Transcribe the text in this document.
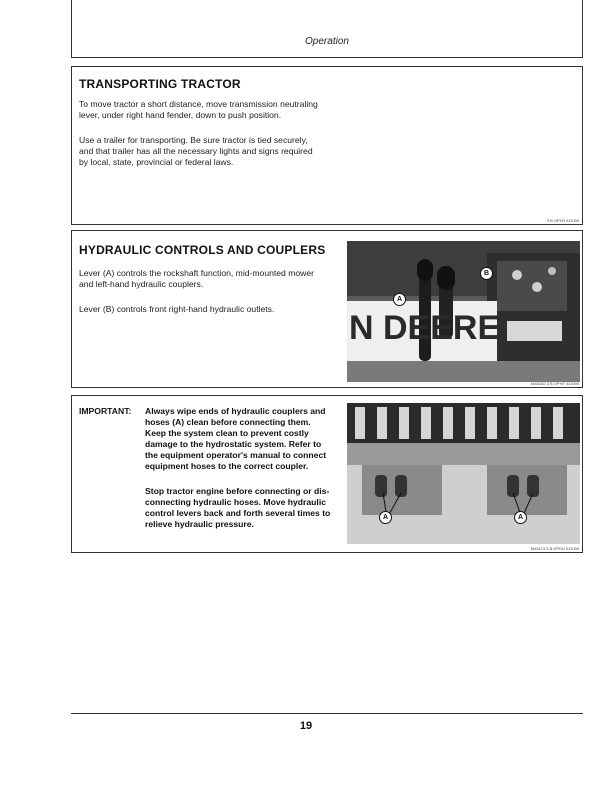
Operation
TRANSPORTING TRACTOR
To move tractor a short distance, move transmission neutraling
lever, under right hand fender, down to push position.
Use a trailer for transporting. Be sure tractor is tied securely,
and that trailer has all the necessary lights and signs required
by local, state, provincial or federal laws.
3 B OPH3 011090
HYDRAULIC CONTROLS AND COUPLERS
Lever (A) controls the rockshaft function, mid-mounted mower
and left-hand hydraulic couplers.
Lever (B) controls front right-hand hydraulic outlets. N DEERE
A
B
M43432 3 B OPHT 011090
IMPORTANT: Always wipe ends of hydraulic couplers and
hoses (A) clean before connecting them.
Keep the system clean to prevent costly
damage to the hydrostatic system. Refer to
the equipment operator's manual to connect
equipment hoses to the correct coupler.
Stop tractor engine before connecting or dis-
connecting hydraulic hoses. Move hydraulic
control levers back and forth several times to
relieve hydraulic pressure.
A	A
M43473 3 B OPHU 011090
19
